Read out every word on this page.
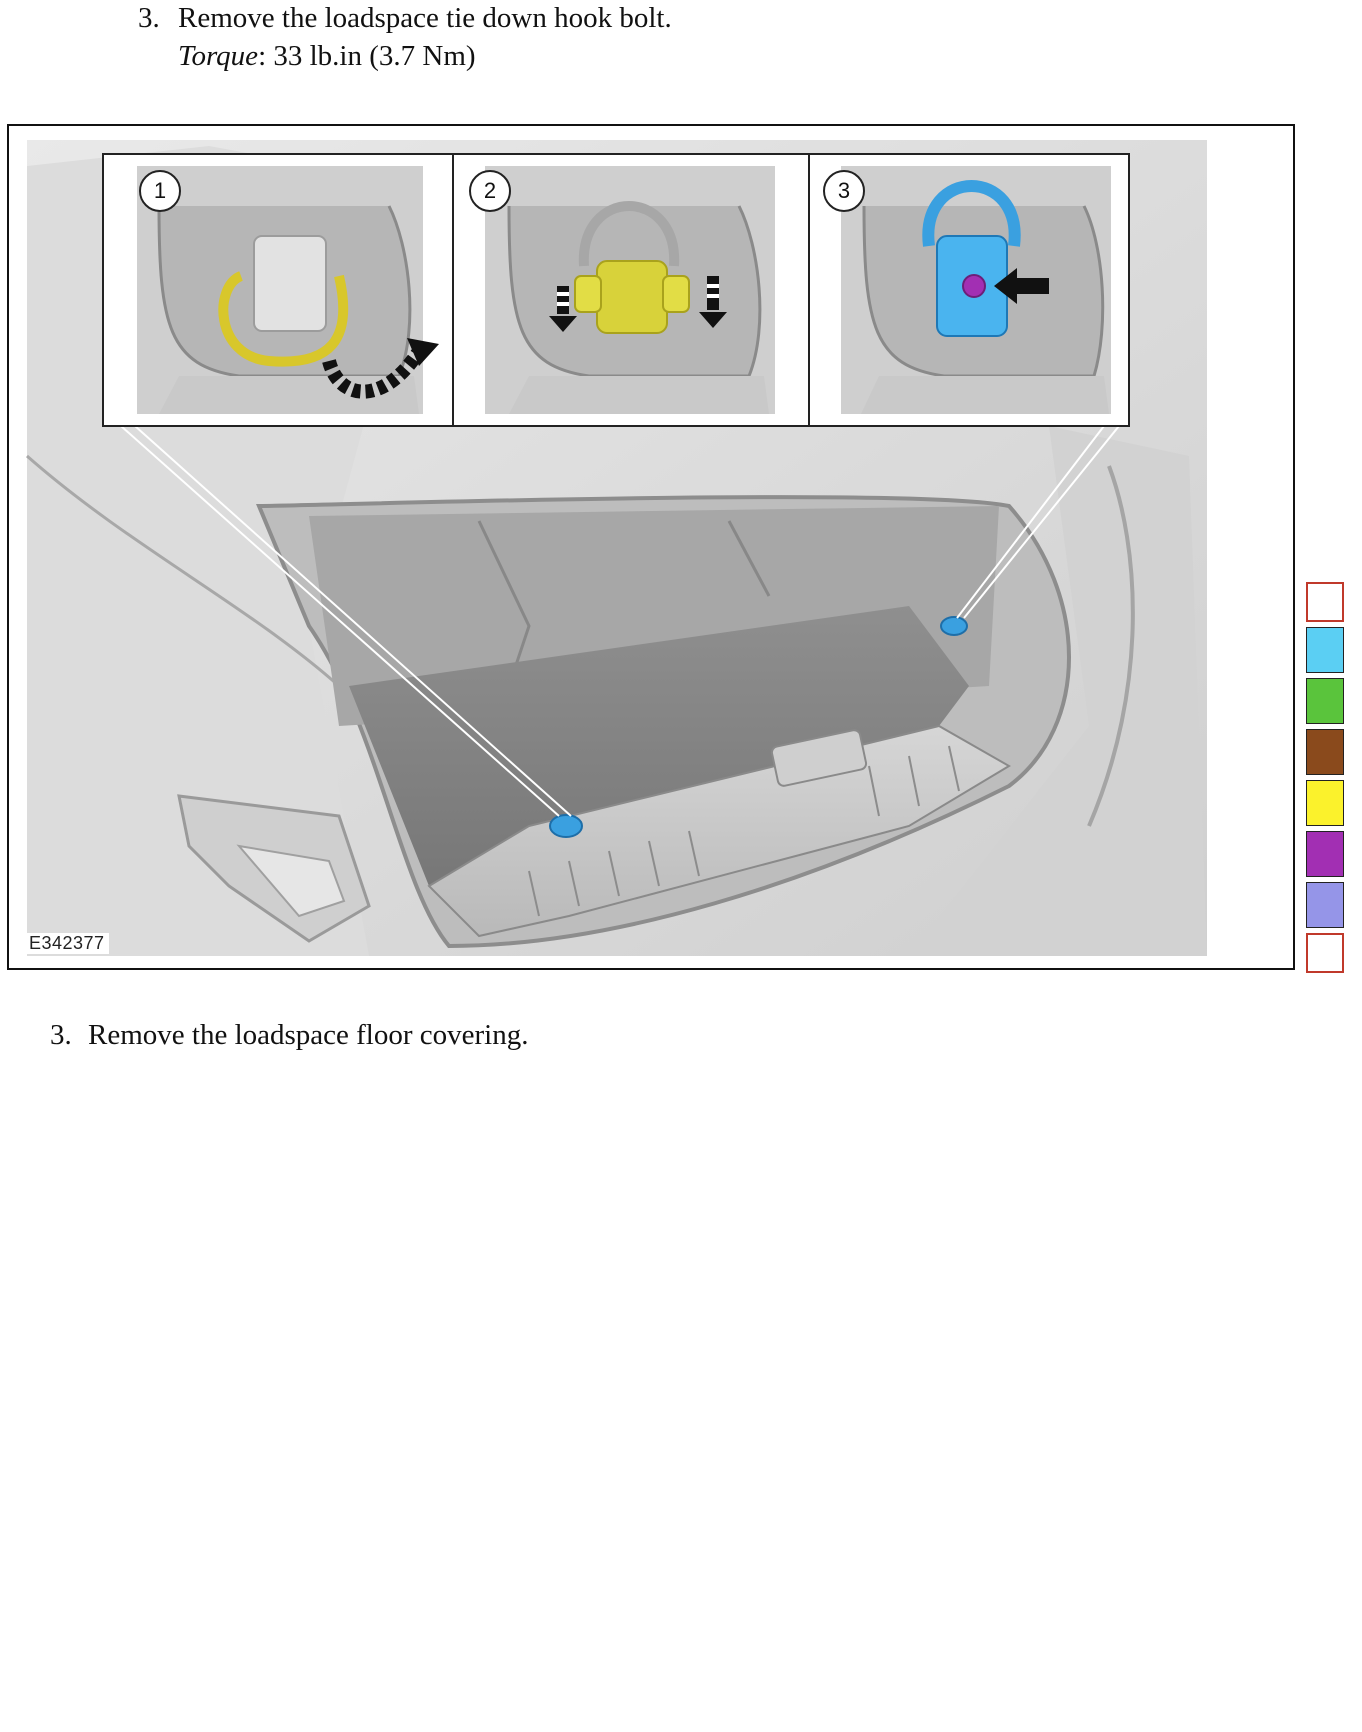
3. Remove the loadspace tie down hook bolt.
Torque: 33 lb.in (3.7 Nm)
1	2	3
E342377
3. Remove the loadspace floor covering.
